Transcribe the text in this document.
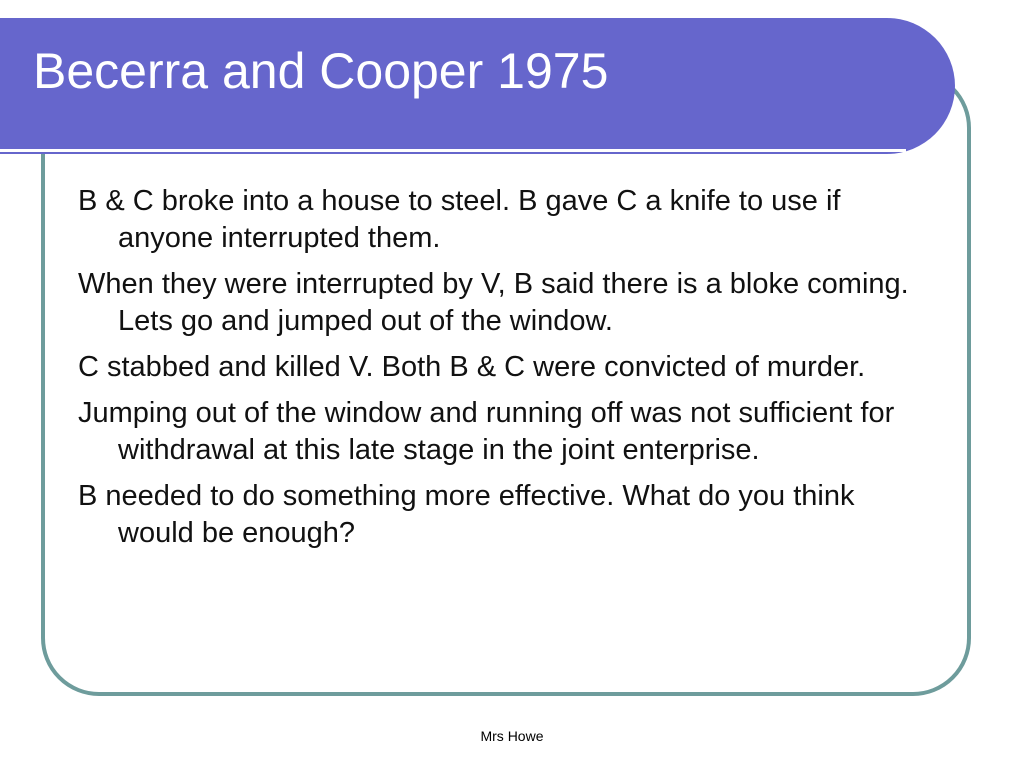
Becerra and Cooper 1975
B & C broke into a house to steel. B gave C a knife to use if anyone interrupted them.
When they were interrupted by V, B said there is a bloke coming. Lets go and jumped out of the window.
C stabbed and killed V. Both B & C were convicted of murder.
Jumping out of the window and running off was not sufficient for withdrawal at this late stage in the joint enterprise.
B needed to do something more effective. What do you think would be enough?
Mrs Howe
